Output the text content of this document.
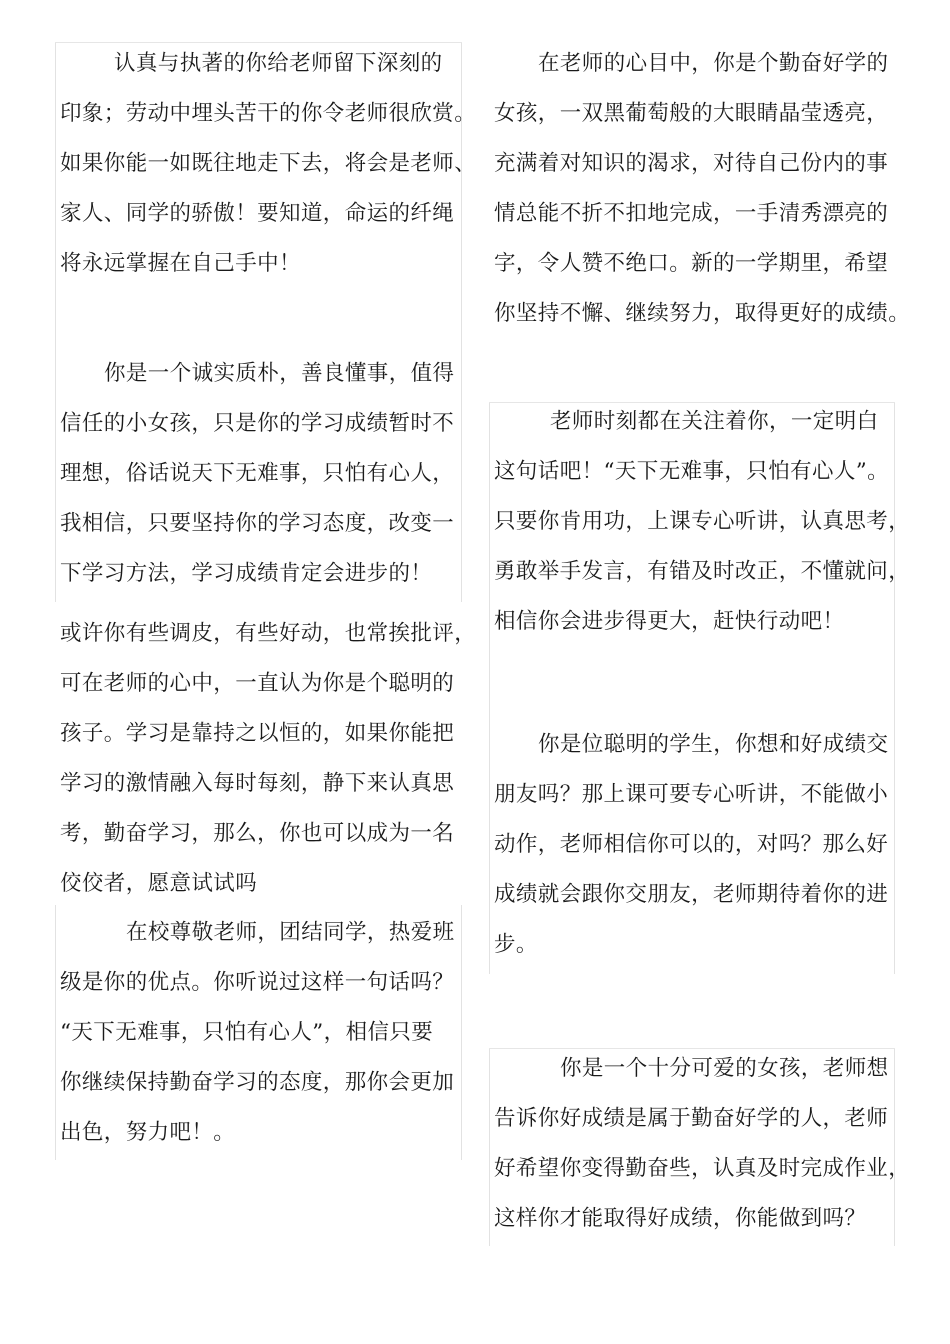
认真与执著的你给老师留下深刻的
印象；劳动中埋头苦干的你令老师很欣赏。
如果你能一如既往地走下去，将会是老师、
家人、同学的骄傲！要知道，命运的纤绳
将永远掌握在自己手中！
你是一个诚实质朴，善良懂事，值得
信任的小女孩，只是你的学习成绩暂时不
理想，俗话说天下无难事，只怕有心人，
我相信，只要坚持你的学习态度，改变一
下学习方法，学习成绩肯定会进步的！
或许你有些调皮，有些好动，也常挨批评，
可在老师的心中，一直认为你是个聪明的
孩子。学习是靠持之以恒的，如果你能把
学习的激情融入每时每刻，静下来认真思
考，勤奋学习，那么，你也可以成为一名
佼佼者，愿意试试吗
在校尊敬老师，团结同学，热爱班
级是你的优点。你听说过这样一句话吗？
“天下无难事，只怕有心人”，相信只要
你继续保持勤奋学习的态度，那你会更加
出色，努力吧！。
在老师的心目中，你是个勤奋好学的
女孩，一双黑葡萄般的大眼睛晶莹透亮，
充满着对知识的渴求，对待自己份内的事
情总能不折不扣地完成，一手清秀漂亮的
字，令人赞不绝口。新的一学期里，希望
你坚持不懈、继续努力，取得更好的成绩。
老师时刻都在关注着你，一定明白
这句话吧！“天下无难事，只怕有心人”。
只要你肯用功，上课专心听讲，认真思考，
勇敢举手发言，有错及时改正，不懂就问，
相信你会进步得更大，赶快行动吧！
你是位聪明的学生，你想和好成绩交
朋友吗？那上课可要专心听讲，不能做小
动作，老师相信你可以的，对吗？那么好
成绩就会跟你交朋友，老师期待着你的进
步。
你是一个十分可爱的女孩，老师想
告诉你好成绩是属于勤奋好学的人，老师
好希望你变得勤奋些，认真及时完成作业，
这样你才能取得好成绩，你能做到吗？
